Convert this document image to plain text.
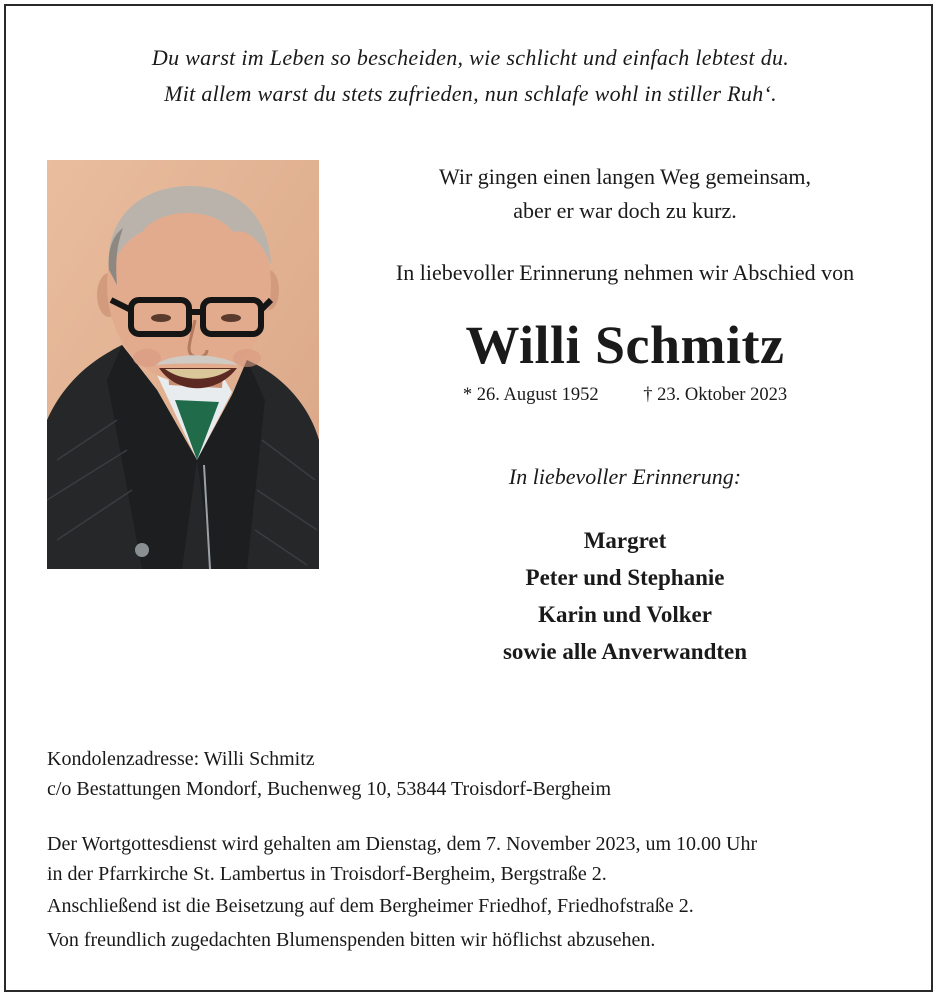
Du warst im Leben so bescheiden, wie schlicht und einfach lebtest du.
Mit allem warst du stets zufrieden, nun schlafe wohl in stiller Ruh‘.
Wir gingen einen langen Weg gemeinsam,
aber er war doch zu kurz.
In liebevoller Erinnerung nehmen wir Abschied von
Willi Schmitz
* 26. August 1952 † 23. Oktober 2023
In liebevoller Erinnerung:
Margret
Peter und Stephanie
Karin und Volker
sowie alle Anverwandten
Kondolenzadresse: Willi Schmitz
c/o Bestattungen Mondorf, Buchenweg 10, 53844 Troisdorf-Bergheim
Der Wortgottesdienst wird gehalten am Dienstag, dem 7. November 2023, um 10.00 Uhr
in der Pfarrkirche St. Lambertus in Troisdorf-Bergheim, Bergstraße 2.
Anschließend ist die Beisetzung auf dem Bergheimer Friedhof, Friedhofstraße 2.
Von freundlich zugedachten Blumenspenden bitten wir höflichst abzusehen.
